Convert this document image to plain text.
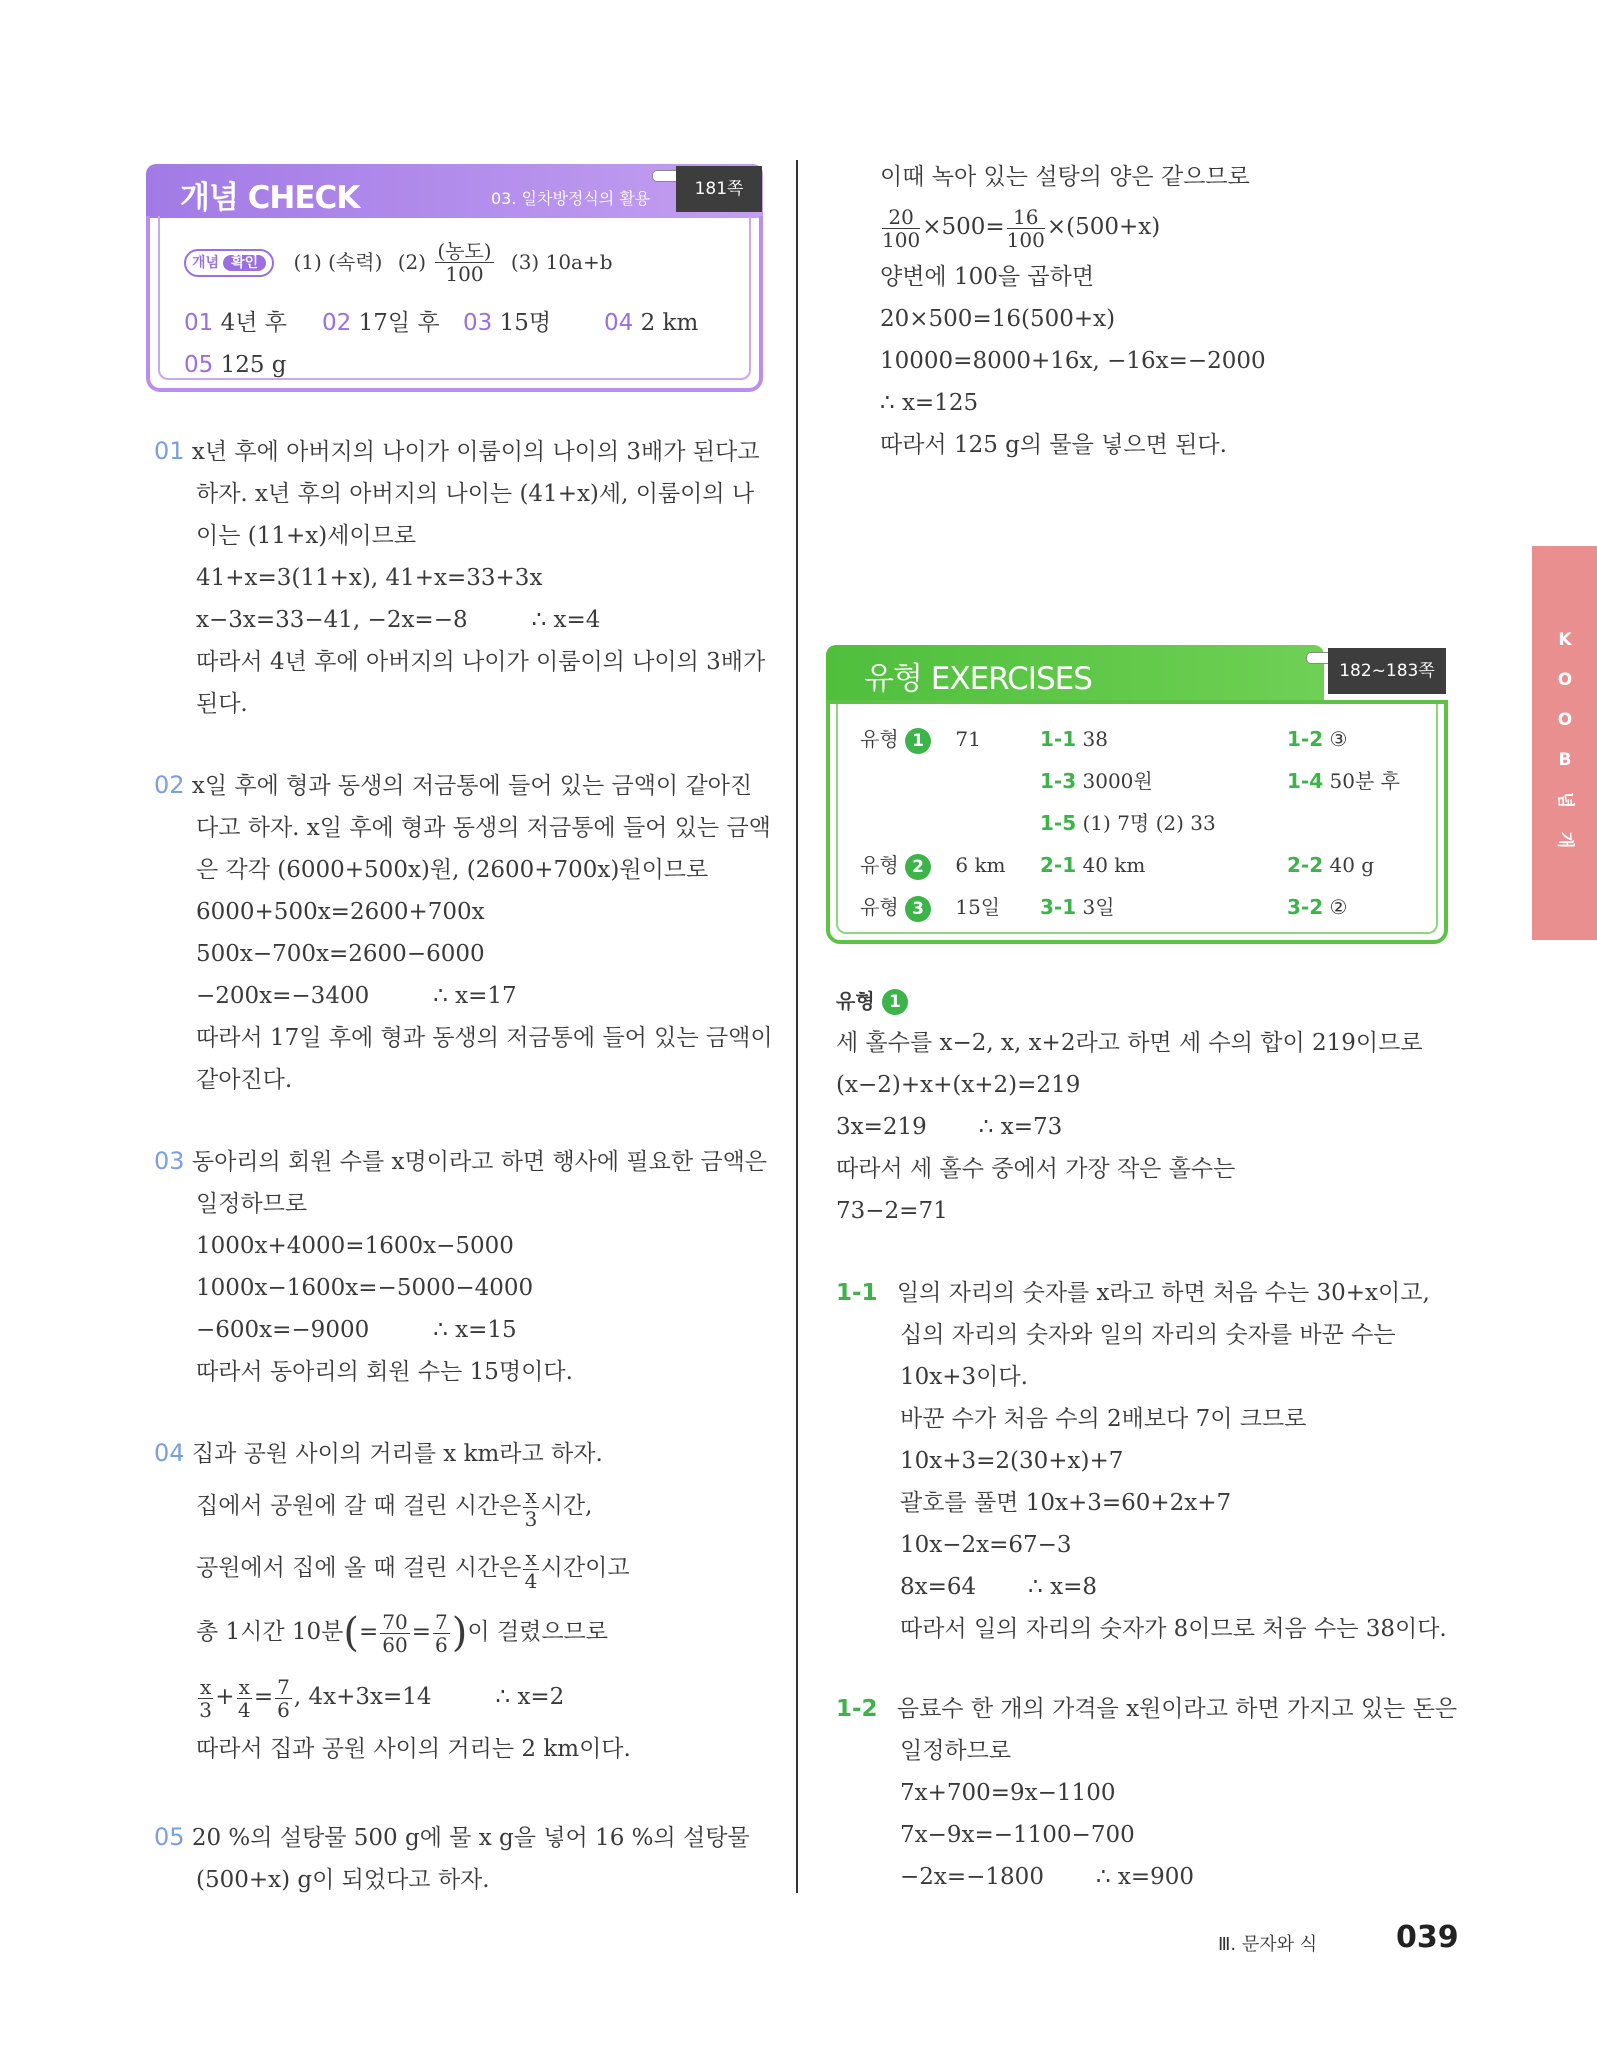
개념 CHECK	03. 일차방정식의 활용	181쪽
개념 확인 (1) (속력) $(2) \frac{\text{(농도)}}{100} (3)$ 10a+b
01 4년 후 02 17일 후 03 15명 04 2 km
05 125 g
01 x년 후에 아버지의 나이가 이룸이의 나이의 3배가 된다고
하자. x년 후의 아버지의 나이는 (41+x)세, 이룸이의 나
이는 (11+x)세이므로
41+x=3(11+x), 41+x=33+3x
x−3x=33−41, −2x=−8	∴ x=4
따라서 4년 후에 아버지의 나이가 이룸이의 나이의 3배가
된다.
02 x일 후에 형과 동생의 저금통에 들어 있는 금액이 같아진
다고 하자. x일 후에 형과 동생의 저금통에 들어 있는 금액
은 각각 (6000+500x)원, (2600+700x)원이므로
6000+500x=2600+700x
500x−700x=2600−6000
−200x=−3400	∴ x=17
따라서 17일 후에 형과 동생의 저금통에 들어 있는 금액이
같아진다.
03 동아리의 회원 수를 x명이라고 하면 행사에 필요한 금액은
일정하므로
1000x+4000=1600x−5000
1000x−1600x=−5000−4000
−600x=−9000	∴ x=15
따라서 동아리의 회원 수는 15명이다.
04 집과 공원 사이의 거리를 x km라고 하자.
집에서 공원에 갈 때 걸린 시간은 $\frac{x}{3}$ 시간,
공원에서 집에 올 때 걸린 시간은 $\frac{x}{4}$ 시간이고
총 1시간 10분(= $\frac{70}{60} = \frac{7}{6}$ )이 걸렸으므로
$\frac{x}{3} + \frac{x}{4} = \frac{7}{6}$ , 4x+3x=14	∴ x=2
따라서 집과 공원 사이의 거리는 2 km이다.
05 20 %의 설탕물 500 g에 물 x g을 넣어 16 %의 설탕물
(500+x) g이 되었다고 하자.
이때 녹아 있는 설탕의 양은 같으므로
$\frac{20}{100} \times 500= \frac{16}{100} \times(500+x)$
양변에 100을 곱하면
20×500=16(500+x)
10000=8000+16x, −16x=−2000
∴ x=125
따라서 125 g의 물을 넣으면 된다.
유형 EXERCISES	182~183쪽
유형 1 71	1-1 38	1-2 ③
1-3 3000원	1-4 50분 후
1-5 (1) 7명 (2) 33
유형 2 6 km 2-1 40 km	2-2 40 g
유형 3 15일 3-1 3일	3-2 ②
유형 1
세 홀수를 x−2, x, x+2라고 하면 세 수의 합이 219이므로
(x−2)+x+(x+2)=219
3x=219 ∴ x=73
따라서 세 홀수 중에서 가장 작은 홀수는
73−2=71
1-1 일의 자리의 숫자를 x라고 하면 처음 수는 30+x이고,
십의 자리의 숫자와 일의 자리의 숫자를 바꾼 수는
10x+3이다.
바꾼 수가 처음 수의 2배보다 7이 크므로
10x+3=2(30+x)+7
괄호를 풀면 10x+3=60+2x+7
10x−2x=67−3
8x=64 ∴ x=8
따라서 일의 자리의 숫자가 8이므로 처음 수는 38이다.
1-2 음료수 한 개의 가격을 x원이라고 하면 가지고 있는 돈은
일정하므로
7x+700=9x−1100
7x−9x=−1100−700
−2x=−1800 ∴ x=900
K
O
O
B
념
개
Ⅲ. 문자와 식	039
